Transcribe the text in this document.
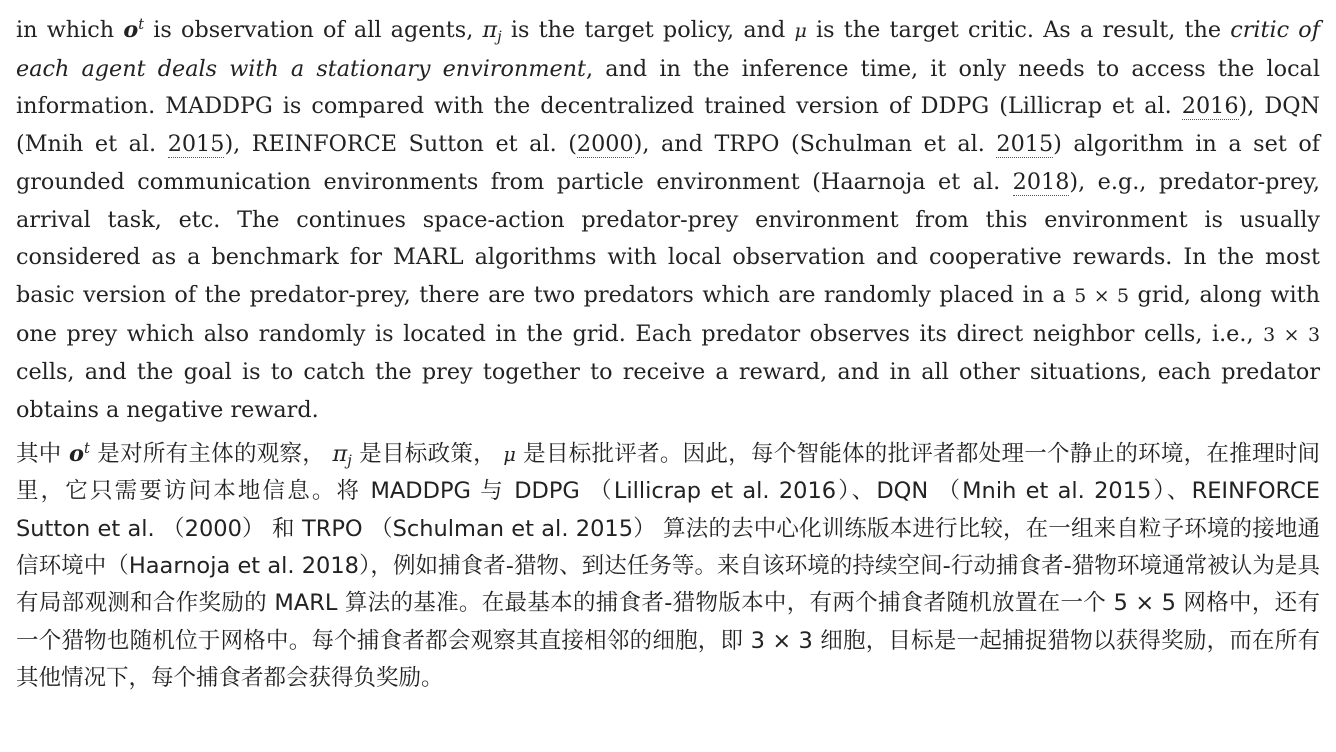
in which $o^t$ is observation of all agents, $\pi_j$ is the target policy, and μ is the target critic. As a result, the critic of each agent deals with a stationary environment, and in the inference time, it only needs to access the local information. MADDPG is compared with the decentralized trained version of DDPG (Lillicrap et al. 2016), DQN (Mnih et al. 2015), REINFORCE Sutton et al. (2000), and TRPO (Schulman et al. 2015) algorithm in a set of grounded communication environments from particle environment (Haarnoja et al. 2018), e.g., predator-prey, arrival task, etc. The continues space-action predator-prey environment from this environment is usually considered as a benchmark for MARL algorithms with local observation and cooperative rewards. In the most basic version of the predator-prey, there are two predators which are randomly placed in a 5 × 5 grid, along with one prey which also randomly is located in the grid. Each predator observes its direct neighbor cells, i.e., 3 × 3 cells, and the goal is to catch the prey together to receive a reward, and in all other situations, each predator obtains a negative reward.

其中 $o^t$ 是对所有主体的观察， $\pi_j$ 是目标政策， μ 是目标批评者。因此，每个智能体的批评者都处理一个静止的环境，在推理时间里，它只需要访问本地信息。将 MADDPG 与 DDPG （Lillicrap et al. 2016）、DQN （Mnih et al. 2015）、REINFORCE Sutton et al. （2000） 和 TRPO （Schulman et al. 2015） 算法的去中心化训练版本进行比较，在一组来自粒子环境的接地通信环境中（Haarnoja et al. 2018），例如捕食者-猎物、到达任务等。来自该环境的持续空间-行动捕食者-猎物环境通常被认为是具有局部观测和合作奖励的 MARL 算法的基准。在最基本的捕食者-猎物版本中，有两个捕食者随机放置在一个 5 × 5 网格中，还有一个猎物也随机位于网格中。每个捕食者都会观察其直接相邻的细胞，即 3 × 3 细胞，目标是一起捕捉猎物以获得奖励，而在所有其他情况下，每个捕食者都会获得负奖励。
